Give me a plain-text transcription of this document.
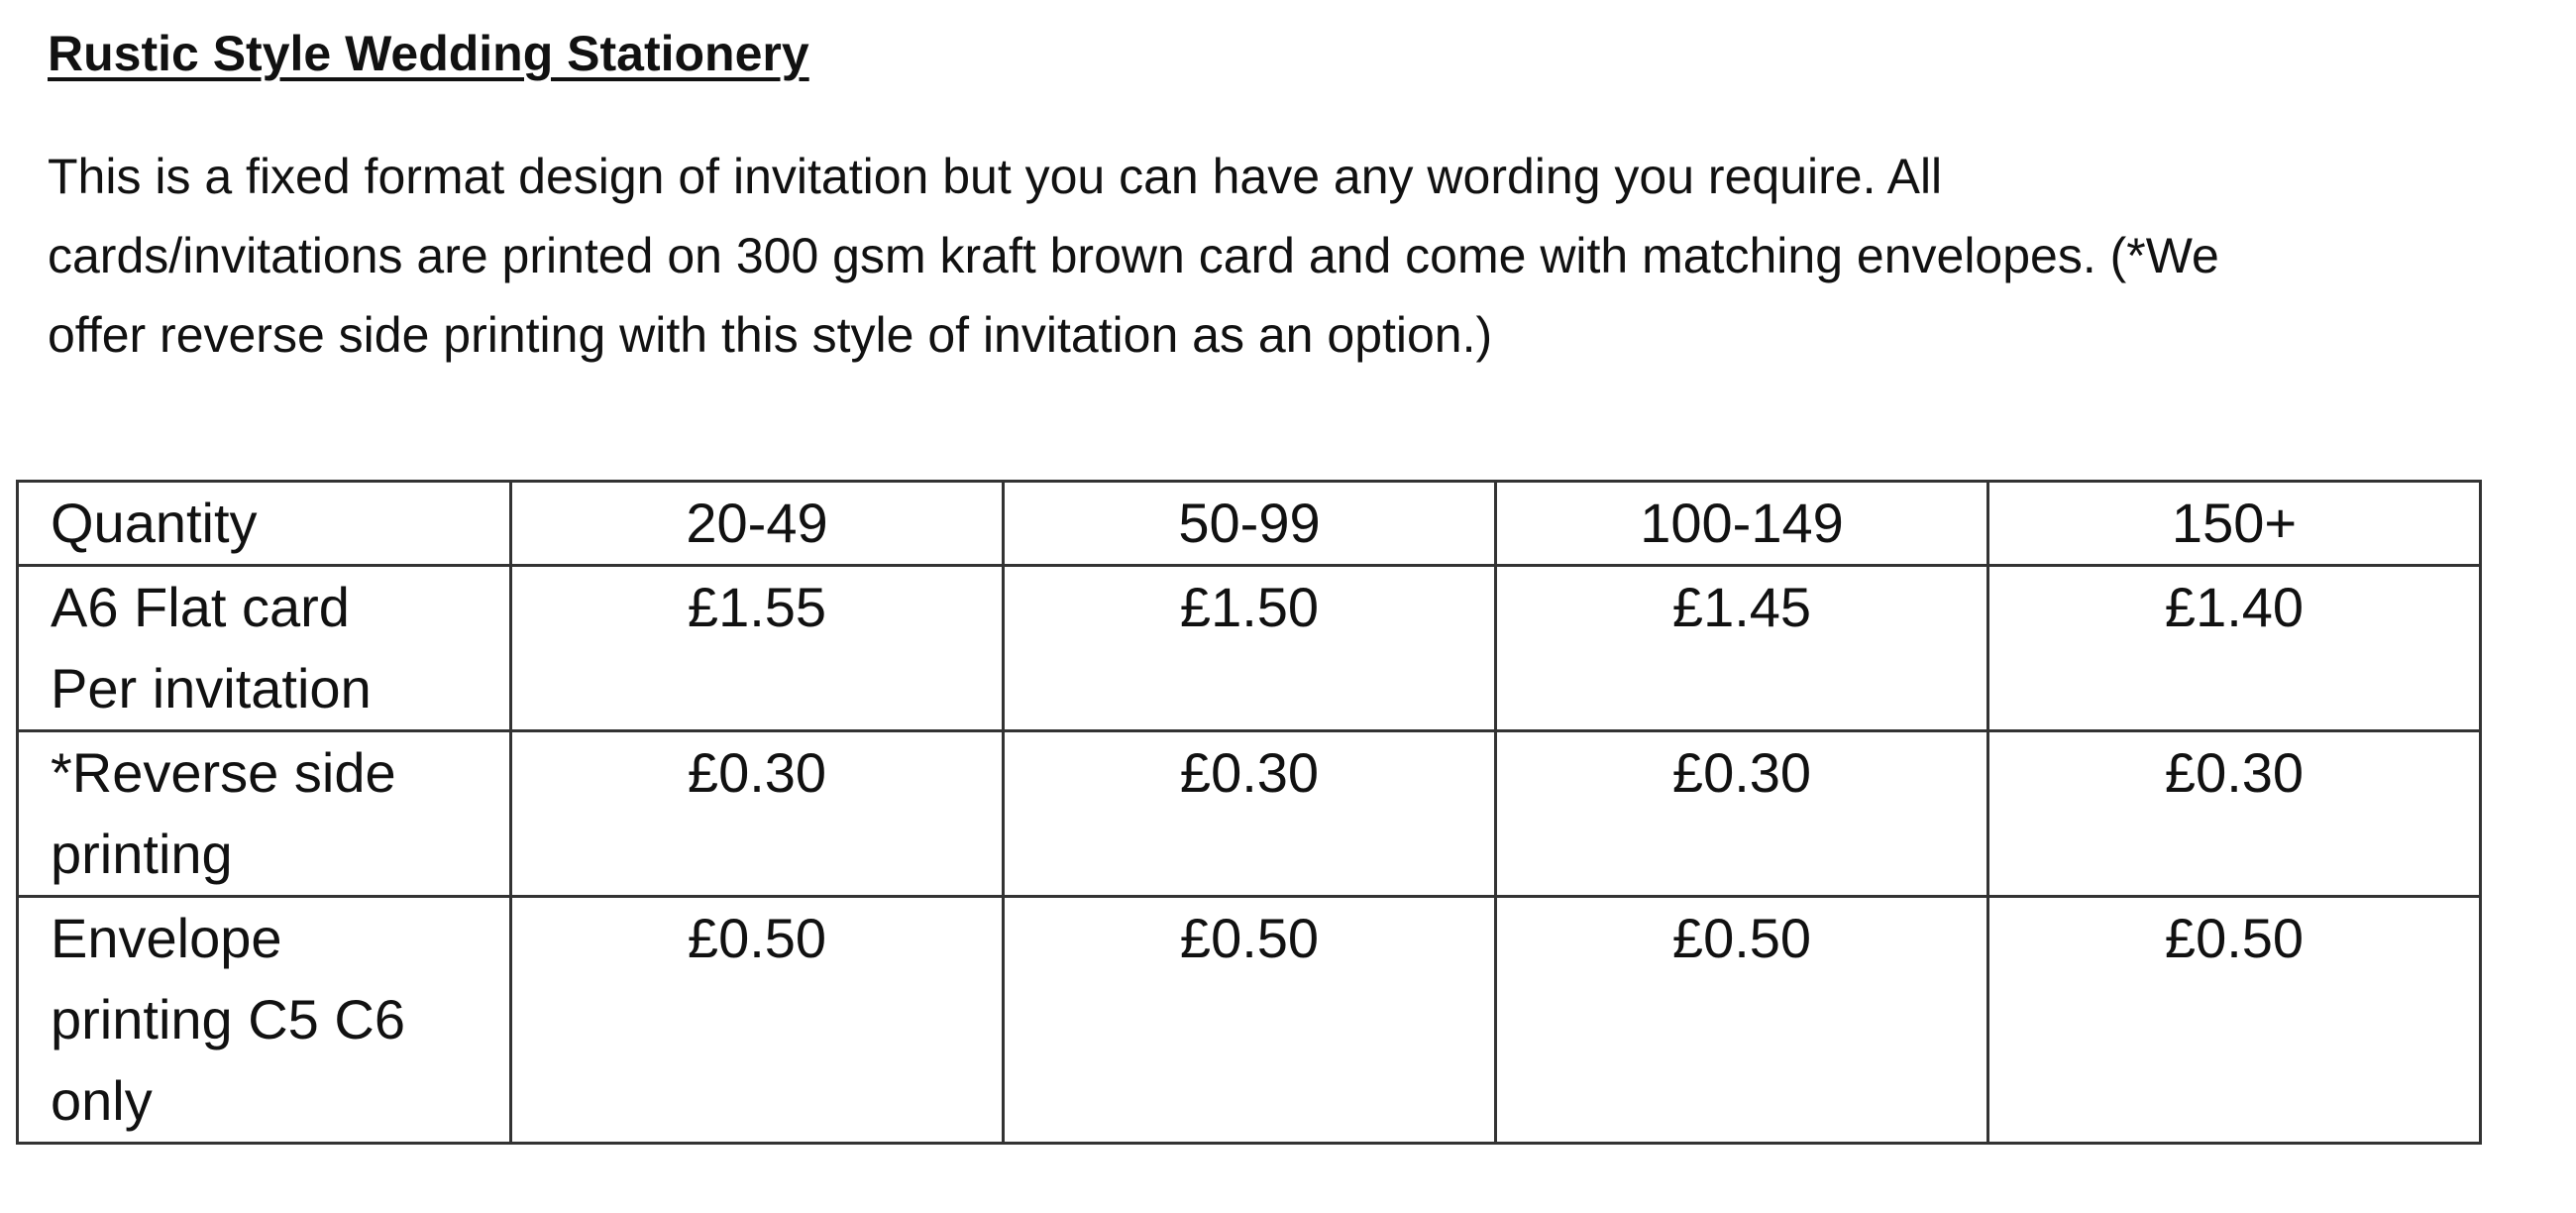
Rustic Style Wedding Stationery

This is a fixed format design of invitation but you can have any wording you require. All
cards/invitations are printed on 300 gsm kraft brown card and come with matching envelopes. (*We
offer reverse side printing with this style of invitation as an option.)

Quantity	20-49	50-99	100-149	150+

A6 Flat card
Per invitation	£1.55	£1.50	£1.45	£1.40

*Reverse side
printing	£0.30	£0.30	£0.30	£0.30

Envelope
printing C5 C6
only	£0.50	£0.50	£0.50	£0.50
